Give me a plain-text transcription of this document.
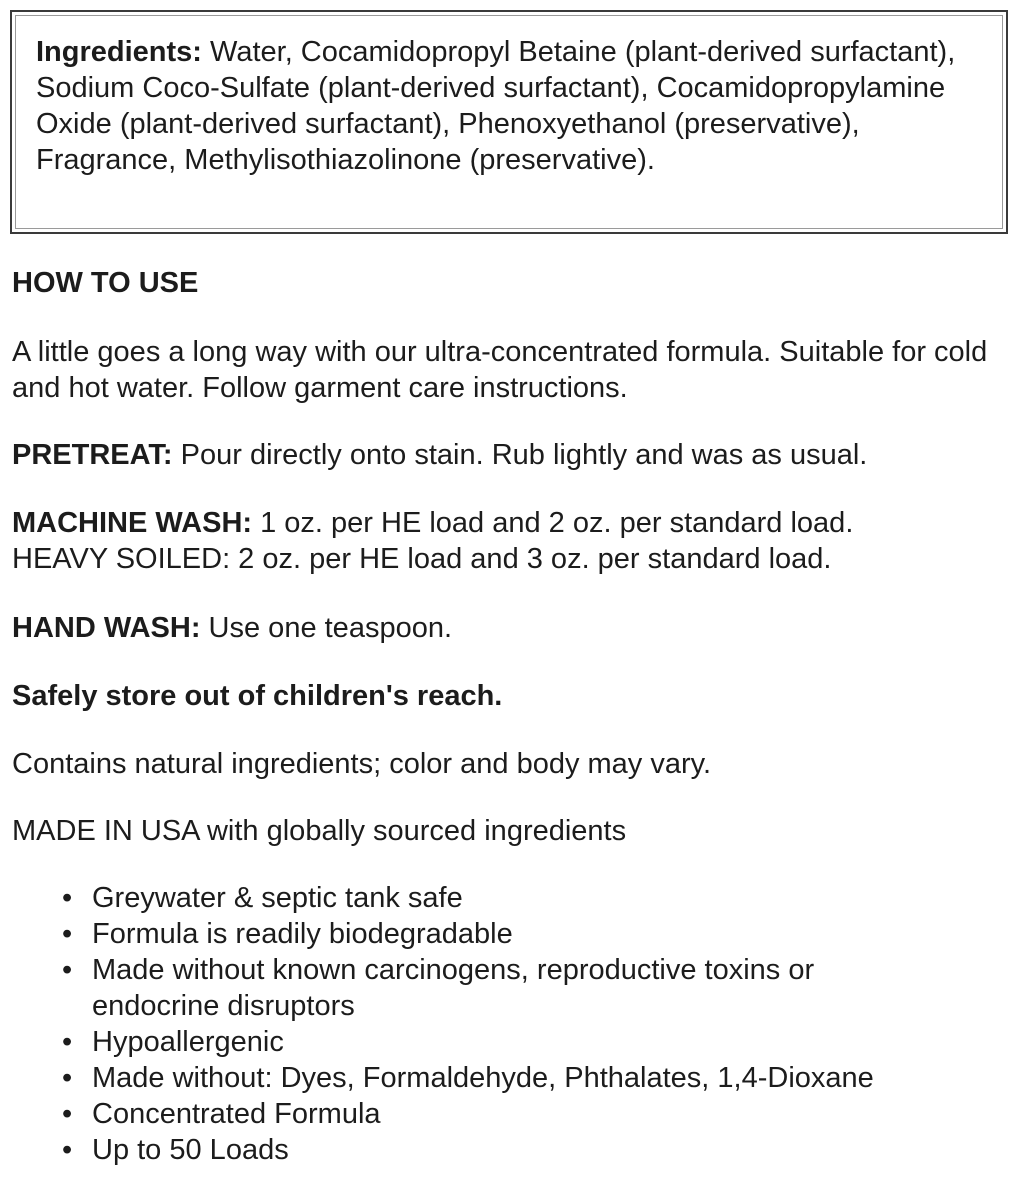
Ingredients: Water, Cocamidopropyl Betaine (plant-derived surfactant), Sodium Coco-Sulfate (plant-derived surfactant), Cocamidopropylamine Oxide (plant-derived surfactant), Phenoxyethanol (preservative), Fragrance, Methylisothiazolinone (preservative).

HOW TO USE

A little goes a long way with our ultra-concentrated formula. Suitable for cold and hot water. Follow garment care instructions.

PRETREAT: Pour directly onto stain. Rub lightly and was as usual.

MACHINE WASH: 1 oz. per HE load and 2 oz. per standard load.

HEAVY SOILED: 2 oz. per HE load and 3 oz. per standard load.

HAND WASH: Use one teaspoon.

Safely store out of children's reach.

Contains natural ingredients; color and body may vary.

MADE IN USA with globally sourced ingredients

• Greywater & septic tank safe
• Formula is readily biodegradable
• Made without known carcinogens, reproductive toxins or endocrine disruptors
• Hypoallergenic
• Made without: Dyes, Formaldehyde, Phthalates, 1,4-Dioxane
• Concentrated Formula
• Up to 50 Loads
